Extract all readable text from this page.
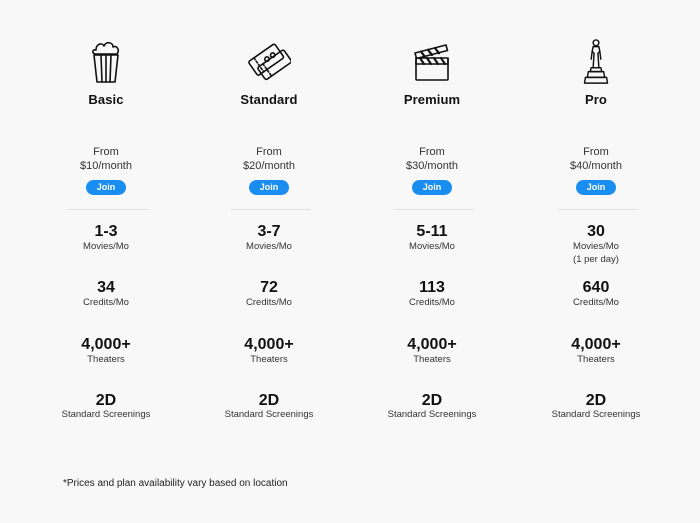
Basic
From
$10/month
Join
1-3
Movies/Mo
34
Credits/Mo
4,000+
Theaters
2D
Standard Screenings
Standard
From
$20/month
Join
3-7
Movies/Mo
72
Credits/Mo
4,000+
Theaters
2D
Standard Screenings
Premium
From
$30/month
Join
5-11
Movies/Mo
113
Credits/Mo
4,000+
Theaters
2D
Standard Screenings
Pro
From
$40/month
Join
30
Movies/Mo
(1 per day)
640
Credits/Mo
4,000+
Theaters
2D
Standard Screenings
*Prices and plan availability vary based on location
